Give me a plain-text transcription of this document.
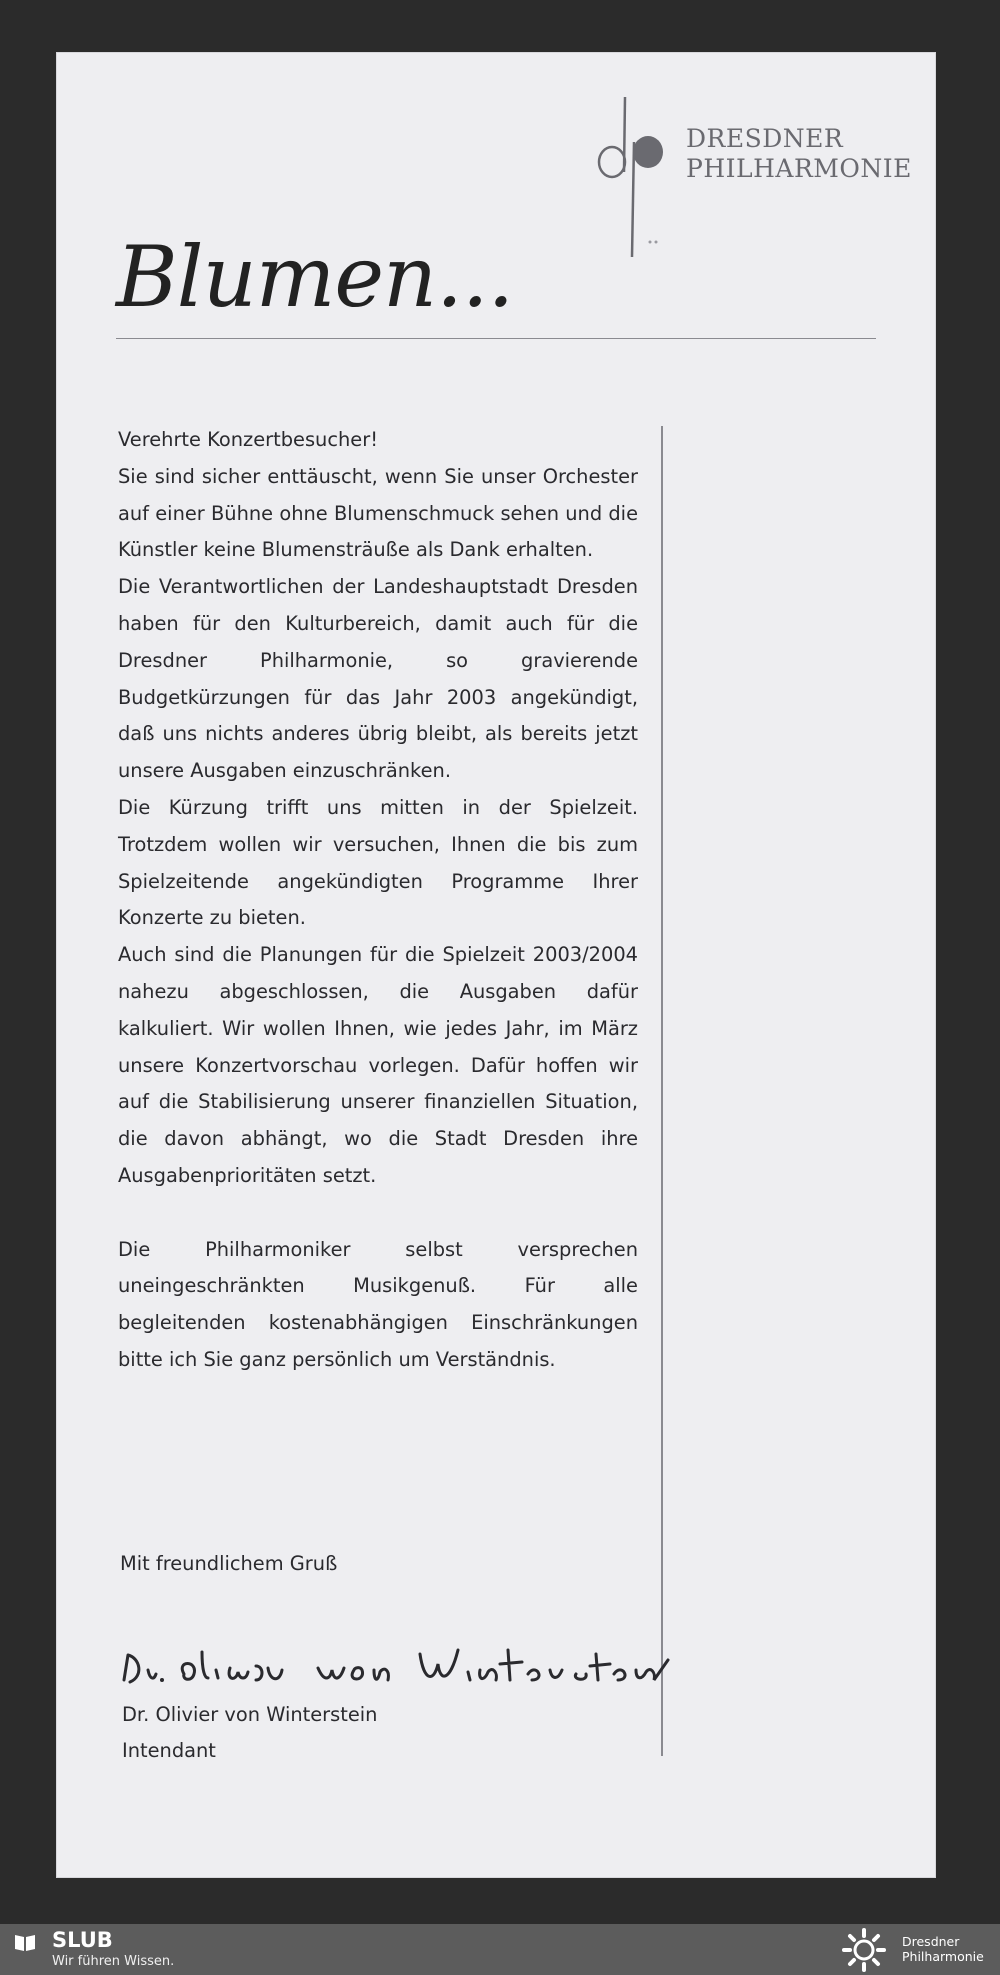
DRESDNER
PHILHARMONIE
Blumen...

Verehrte Konzertbesucher!

Sie sind sicher enttäuscht, wenn Sie unser Orchester auf einer Bühne ohne Blumenschmuck sehen und die Künstler keine Blumensträuße als Dank erhalten.

Die Verantwortlichen der Landeshauptstadt Dresden haben für den Kulturbereich, damit auch für die Dresdner Philharmonie, so gravierende Budgetkürzungen für das Jahr 2003 angekündigt, daß uns nichts anderes übrig bleibt, als bereits jetzt unsere Ausgaben einzuschränken.

Die Kürzung trifft uns mitten in der Spielzeit. Trotzdem wollen wir versuchen, Ihnen die bis zum Spielzeitende angekündigten Programme Ihrer Konzerte zu bieten.

Auch sind die Planungen für die Spielzeit 2003/2004 nahezu abgeschlossen, die Ausgaben dafür kalkuliert. Wir wollen Ihnen, wie jedes Jahr, im März unsere Konzertvorschau vorlegen. Dafür hoffen wir auf die Stabilisierung unserer finanziellen Situation, die davon abhängt, wo die Stadt Dresden ihre Ausgabenprioritäten setzt.

Die Philharmoniker selbst versprechen uneingeschränkten Musikgenuß. Für alle begleitenden kostenabhängigen Einschränkungen bitte ich Sie ganz persönlich um Verständnis.

Mit freundlichem Gruß
Dr. Olivier von Winterstein
Intendant
SLUB
Wir führen Wissen.
Dresdner
Philharmonie
